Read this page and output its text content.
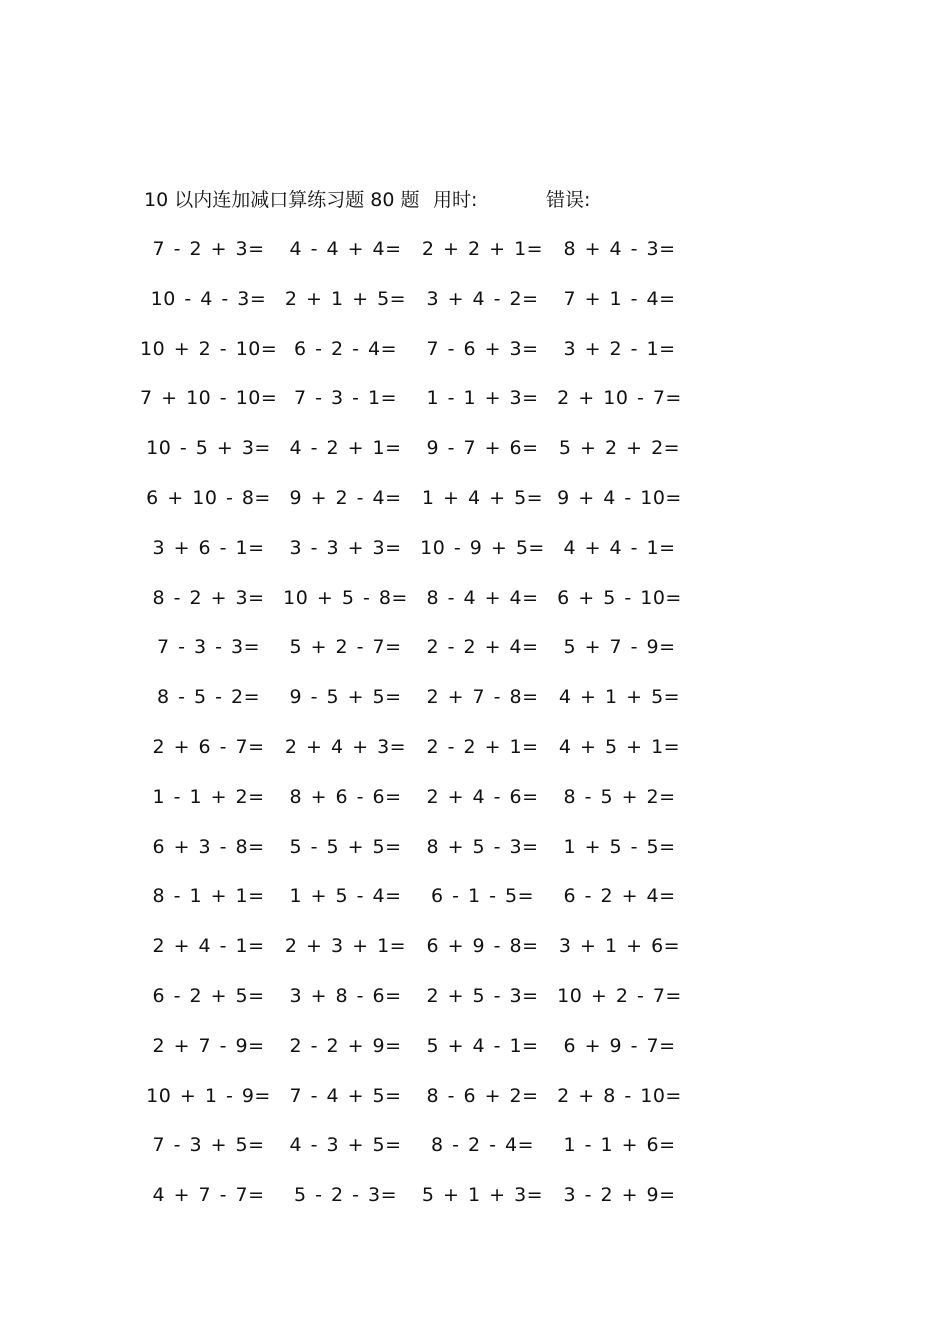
10 以内连加减口算练习题 80 题 用时:	错误:
7 - 2 + 3=	4 - 4 + 4=	2 + 2 + 1=	8 + 4 - 3=
10 - 4 - 3= 2 + 1 + 5=	3 + 4 - 2=	7 + 1 - 4=
10 + 2 - 10= 6 - 2 - 4=	7 - 6 + 3=	3 + 2 - 1=
7 + 10 - 10= 7 - 3 - 1=	1 - 1 + 3= 2 + 10 - 7=
10 - 5 + 3= 4 - 2 + 1=	9 - 7 + 6=	5 + 2 + 2=
6 + 10 - 8= 9 + 2 - 4=	1 + 4 + 5= 9 + 4 - 10=
3 + 6 - 1=	3 - 3 + 3= 10 - 9 + 5= 4 + 4 - 1=
8 - 2 + 3= 10 + 5 - 8= 8 - 4 + 4= 6 + 5 - 10=
7 - 3 - 3=	5 + 2 - 7=	2 - 2 + 4=	5 + 7 - 9=
8 - 5 - 2=	9 - 5 + 5=	2 + 7 - 8=	4 + 1 + 5=
2 + 6 - 7=	2 + 4 + 3=	2 - 2 + 1=	4 + 5 + 1=
1 - 1 + 2=	8 + 6 - 6=	2 + 4 - 6=	8 - 5 + 2=
6 + 3 - 8=	5 - 5 + 5=	8 + 5 - 3=	1 + 5 - 5=
8 - 1 + 1=	1 + 5 - 4=	6 - 1 - 5=	6 - 2 + 4=
2 + 4 - 1=	2 + 3 + 1=	6 + 9 - 8=	3 + 1 + 6=
6 - 2 + 5=	3 + 8 - 6=	2 + 5 - 3= 10 + 2 - 7=
2 + 7 - 9=	2 - 2 + 9=	5 + 4 - 1=	6 + 9 - 7=
10 + 1 - 9= 7 - 4 + 5=	8 - 6 + 2= 2 + 8 - 10=
7 - 3 + 5=	4 - 3 + 5=	8 - 2 - 4=	1 - 1 + 6=
4 + 7 - 7=	5 - 2 - 3=	5 + 1 + 3=	3 - 2 + 9=
